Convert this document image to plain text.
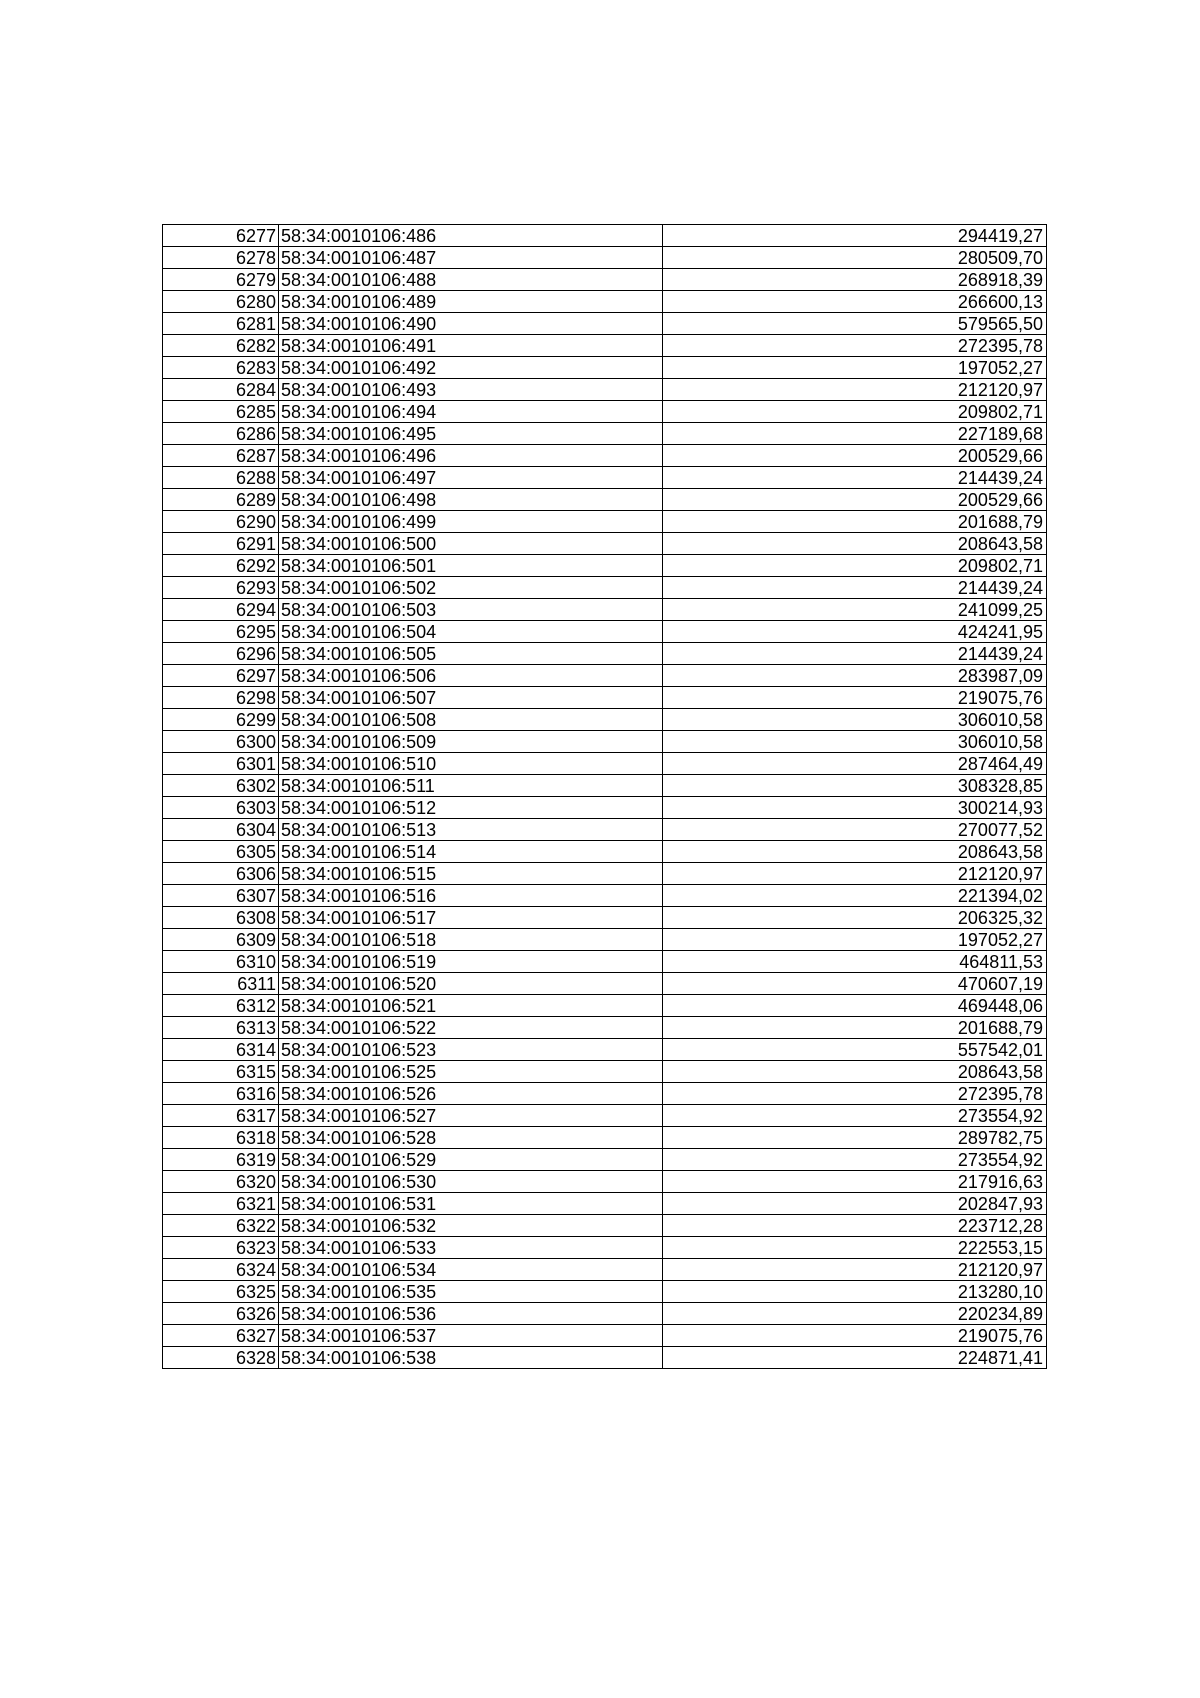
6277	58:34:0010106:486	294419,27
6278	58:34:0010106:487	280509,70
6279	58:34:0010106:488	268918,39
6280	58:34:0010106:489	266600,13
6281	58:34:0010106:490	579565,50
6282	58:34:0010106:491	272395,78
6283	58:34:0010106:492	197052,27
6284	58:34:0010106:493	212120,97
6285	58:34:0010106:494	209802,71
6286	58:34:0010106:495	227189,68
6287	58:34:0010106:496	200529,66
6288	58:34:0010106:497	214439,24
6289	58:34:0010106:498	200529,66
6290	58:34:0010106:499	201688,79
6291	58:34:0010106:500	208643,58
6292	58:34:0010106:501	209802,71
6293	58:34:0010106:502	214439,24
6294	58:34:0010106:503	241099,25
6295	58:34:0010106:504	424241,95
6296	58:34:0010106:505	214439,24
6297	58:34:0010106:506	283987,09
6298	58:34:0010106:507	219075,76
6299	58:34:0010106:508	306010,58
6300	58:34:0010106:509	306010,58
6301	58:34:0010106:510	287464,49
6302	58:34:0010106:511	308328,85
6303	58:34:0010106:512	300214,93
6304	58:34:0010106:513	270077,52
6305	58:34:0010106:514	208643,58
6306	58:34:0010106:515	212120,97
6307	58:34:0010106:516	221394,02
6308	58:34:0010106:517	206325,32
6309	58:34:0010106:518	197052,27
6310	58:34:0010106:519	464811,53
6311	58:34:0010106:520	470607,19
6312	58:34:0010106:521	469448,06
6313	58:34:0010106:522	201688,79
6314	58:34:0010106:523	557542,01
6315	58:34:0010106:525	208643,58
6316	58:34:0010106:526	272395,78
6317	58:34:0010106:527	273554,92
6318	58:34:0010106:528	289782,75
6319	58:34:0010106:529	273554,92
6320	58:34:0010106:530	217916,63
6321	58:34:0010106:531	202847,93
6322	58:34:0010106:532	223712,28
6323	58:34:0010106:533	222553,15
6324	58:34:0010106:534	212120,97
6325	58:34:0010106:535	213280,10
6326	58:34:0010106:536	220234,89
6327	58:34:0010106:537	219075,76
6328	58:34:0010106:538	224871,41
